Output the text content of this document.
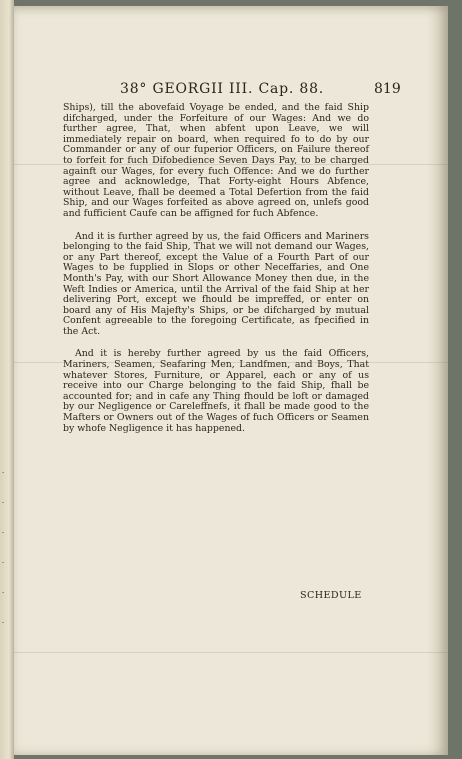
·
·
·
·
·
·
38° GEORGII III. Cap. 88.	819

Ships), till the abovefaid Voyage be ended, and the faid Ship difcharged, under the Forfeiture of our Wages: And we do further agree, That, when abfent upon Leave, we will immediately repair on board, when required fo to do by our Commander or any of our fuperior Officers, on Failure thereof to forfeit for fuch Difobedience Seven Days Pay, to be charged againft our Wages, for every fuch Offence: And we do further agree and acknowledge, That Forty-eight Hours Abfence, without Leave, fhall be deemed a Total Defertion from the faid Ship, and our Wages forfeited as above agreed on, unlefs good and fufficient Caufe can be affigned for fuch Abfence.

And it is further agreed by us, the faid Officers and Mariners belonging to the faid Ship, That we will not demand our Wages, or any Part thereof, except the Value of a Fourth Part of our Wages to be fupplied in Slops or other Neceffaries, and One Month's Pay, with our Short Allowance Money then due, in the Weft Indies or America, until the Arrival of the faid Ship at her delivering Port, except we fhould be impreffed, or enter on board any of His Majefty's Ships, or be difcharged by mutual Confent agreeable to the foregoing Certificate, as fpecified in the Act.

And it is hereby further agreed by us the faid Officers, Mariners, Seamen, Seafaring Men, Landfmen, and Boys, That whatever Stores, Furniture, or Apparel, each or any of us receive into our Charge belonging to the faid Ship, fhall be accounted for; and in cafe any Thing fhould be loft or damaged by our Negligence or Careleffnefs, it fhall be made good to the Mafters or Owners out of the Wages of fuch Officers or Seamen by whofe Negligence it has happened.

SCHEDULE
